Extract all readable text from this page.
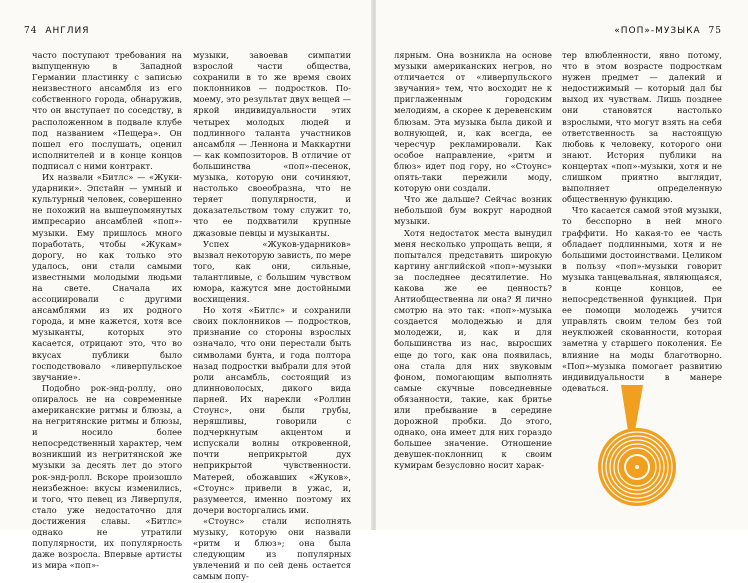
74 АНГЛИЯ

часто поступают требования на выпущенную в Западной Германии пластинку с записью неизвестного ансамбля из его собственного города, обнаружив, что он выступает по соседству, в расположенном в подвале клубе под названием «Пещера». Он пошел его послушать, оценил исполнителей и в конце концов подписал с ними контракт.

Их назвали «Битлс» — «Жуки-ударники». Эпстайн — умный и культурный человек, совершенно не похожий на вышеупомянутых импресарио ансамблей «поп»-музыки. Ему пришлось много поработать, чтобы «Жукам» дорогу, но как только это удалось, они стали самыми известными молодыми людьми на свете. Сначала их ассоциировали с другими ансамблями из их родного города, и мне кажется, хотя все музыканты, которых это касается, отрицают это, что во вкусах публики было господствовало «ливерпульское звучание».

Подобно рок-энд-роллу, оно опиралось не на современные американские ритмы и блюзы, а на негритянские ритмы и блюзы, и носило более непосредственный характер, чем возникший из негритянской же музыки за десять лет до этого рок-энд-ролл. Вскоре произошло неизбежное: вкусы изменились, и того, что певец из Ливерпуля, стало уже недостаточно для достижения славы. «Битлс» однако не утратили популярности, их популярность даже возросла. Впервые артисты из мира «поп»-

музыки, завоевав симпатии взрослой части общества, сохранили в то же время своих поклонников — подростков. По-моему, это результат двух вещей — яркой индивидуальности этих четырех молодых людей и подлинного таланта участников ансамбля — Леннона и Маккартни — как композиторов. В отличие от большинства «поп»-песенок, музыка, которую они сочиняют, настолько своеобразна, что не теряет популярности, и доказательством тому служит то, что ее подхватили крупные джазовые певцы и музыканты.

Успех «Жуков-ударников» вызвал некоторую зависть, по мере того, как они, сильные, талантливые, с большим чувством юмора, кажутся мне достойными восхищения.

Но хотя «Битлс» и сохранили своих поклонников — подростков, признание со стороны взрослых означало, что они перестали быть символами бунта, и года полтора назад подростки выбрали для этой роли ансамбль, состоящий из длинноволосых, дикого вида парней. Их нарекли «Роллин Стоунс», они были грубы, неряшливы, говорили с подчеркнутым акцентом и испускали волны откровенной, почти неприкрытой дух неприкрытой чувственности. Матерей, обожавших «Жуков», «Стоунс» привели в ужас, и, разумеется, именно поэтому их дочери восторгались ими.

«Стоунс» стали исполнять музыку, которую они назвали «ритм и блюз»; она была следующим из популярных увлечений и по сей день остается самым попу-

«ПОП»-МУЗЫКА 75

лярным. Она возникла на основе музыки американских негров, но отличается от «ливерпульского звучания» тем, что восходит не к приглаженным городским мелодиям, а скорее к деревенским блюзам. Эта музыка была дикой и волнующей, и, как всегда, ее чересчур рекламировали. Как особое направление, «ритм и блюз» идет под гору, но «Стоунс» опять-таки пережили моду, которую они создали.

Что же дальше? Сейчас возник небольшой бум вокруг народной музыки.

Хотя недостаток места вынудил меня несколько упрощать вещи, я попытался представить широкую картину английской «поп»-музыки за последнее десятилетие. Но какова же ее ценность? Антиобщественна ли она? Я лично смотрю на это так: «поп»-музыка создается молодежью и для молодежи, и, как и для большинства из нас, выросших еще до того, как она появилась, она стала для них звуковым фоном, помогающим выполнять самые скучные повседневные обязанности, такие, как бритье или пребывание в середине дорожной пробки. До этого, однако, она имеет для них гораздо большее значение. Отношение девушек-поклонниц к своим кумирам безусловно носит харак-

тер влюбленности, явно потому, что в этом возрасте подросткам нужен предмет — далекий и недостижимый — который дал бы выход их чувствам. Лишь позднее они становятся настолько взрослыми, что могут взять на себя ответственность за настоящую любовь к человеку, которого они знают. История публики на концертах «поп»-музыки, хотя и не слишком приятно выглядит, выполняет определенную общественную функцию.

Что касается самой этой музыки, то бесспорно в ней много граффити. Но какая-то ее часть обладает подлинными, хотя и не большими достоинствами. Целиком в пользу «поп»-музыки говорит музыка танцевальная, являющаяся, в конце концов, ее непосредственной функцией. При ее помощи молодежь учится управлять своим телом без той неуклюжей скованности, которая заметна у старшего поколения. Ее влияние на моды благотворно. «Поп»-музыка помогает развитию индивидуальности в манере одеваться.
